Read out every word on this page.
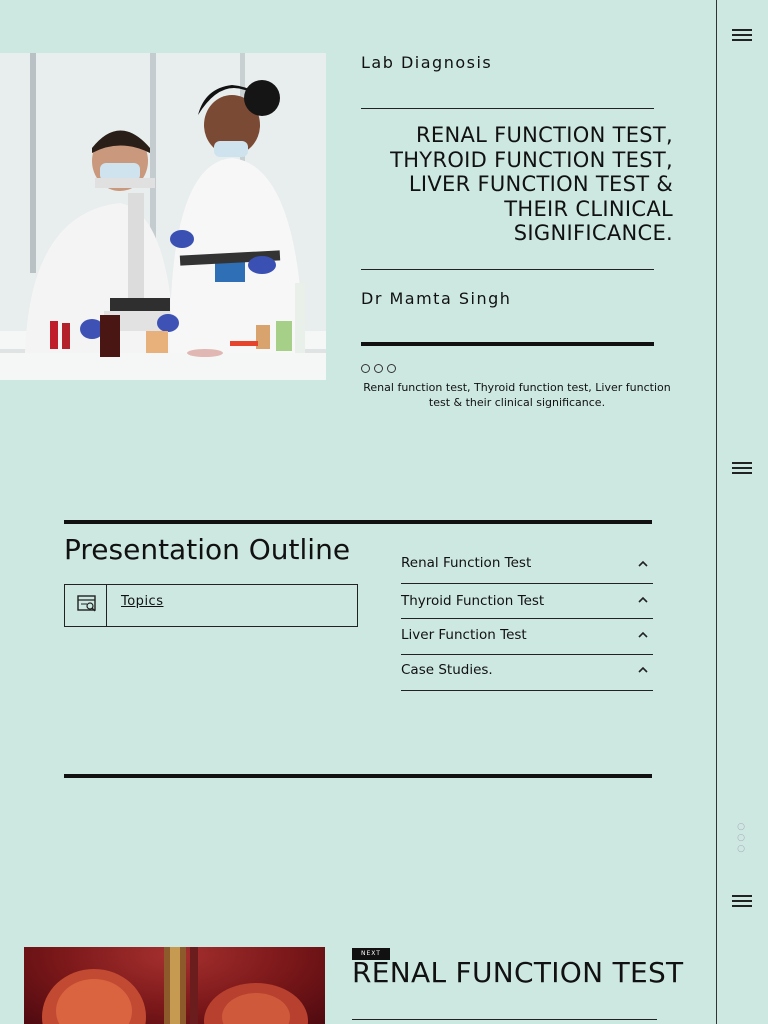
○○○
Lab Diagnosis
RENAL FUNCTION TEST,
THYROID FUNCTION TEST,
LIVER FUNCTION TEST &
THEIR CLINICAL
SIGNIFICANCE.
Dr Mamta Singh
Renal function test, Thyroid function test, Liver function test & their clinical significance.
Presentation Outline
Topics
Renal Function Test
Thyroid Function Test
Liver Function Test
Case Studies.
NEXT
RENAL FUNCTION TEST
